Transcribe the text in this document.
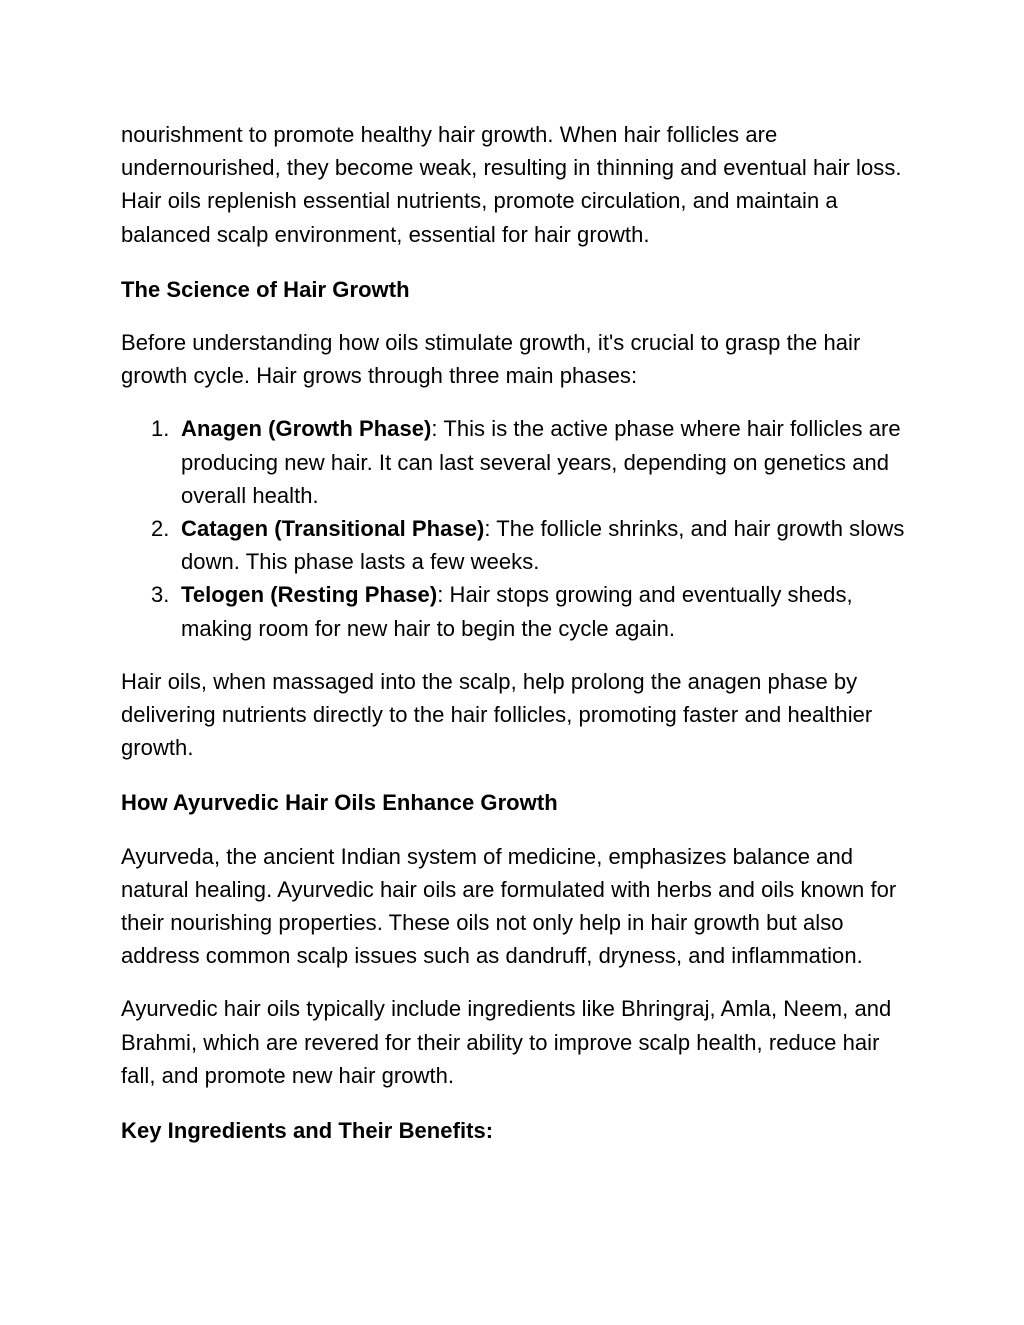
nourishment to promote healthy hair growth. When hair follicles are undernourished, they become weak, resulting in thinning and eventual hair loss. Hair oils replenish essential nutrients, promote circulation, and maintain a balanced scalp environment, essential for hair growth.

The Science of Hair Growth

Before understanding how oils stimulate growth, it's crucial to grasp the hair growth cycle. Hair grows through three main phases:

1. Anagen (Growth Phase): This is the active phase where hair follicles are producing new hair. It can last several years, depending on genetics and overall health.
2. Catagen (Transitional Phase): The follicle shrinks, and hair growth slows down. This phase lasts a few weeks.
3. Telogen (Resting Phase): Hair stops growing and eventually sheds, making room for new hair to begin the cycle again.

Hair oils, when massaged into the scalp, help prolong the anagen phase by delivering nutrients directly to the hair follicles, promoting faster and healthier growth.

How Ayurvedic Hair Oils Enhance Growth

Ayurveda, the ancient Indian system of medicine, emphasizes balance and natural healing. Ayurvedic hair oils are formulated with herbs and oils known for their nourishing properties. These oils not only help in hair growth but also address common scalp issues such as dandruff, dryness, and inflammation.

Ayurvedic hair oils typically include ingredients like Bhringraj, Amla, Neem, and Brahmi, which are revered for their ability to improve scalp health, reduce hair fall, and promote new hair growth.

Key Ingredients and Their Benefits:
